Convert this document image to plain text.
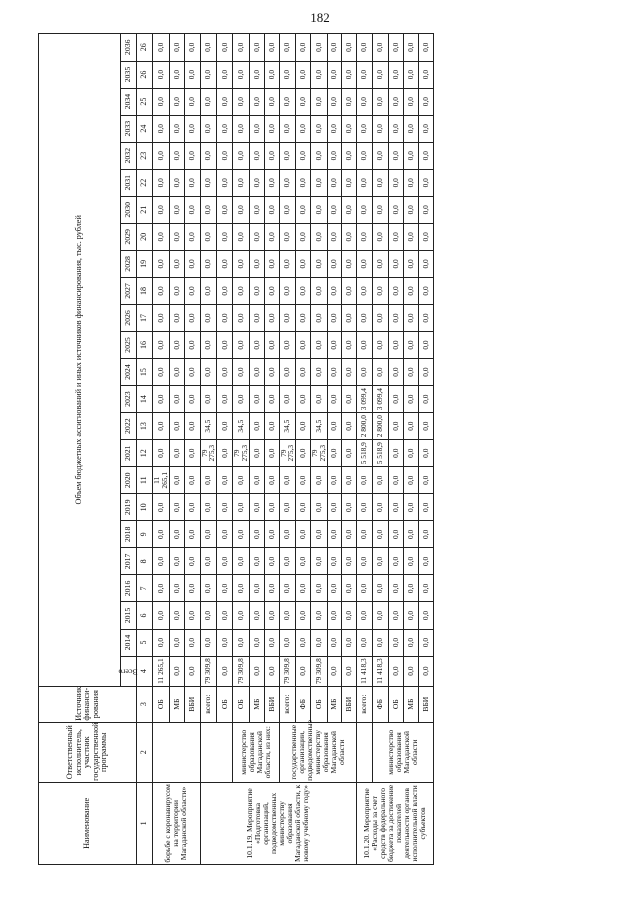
182
Наименование	Ответственный исполнитель, участник государственной программы	Источник финанси-рования	Объем бюджетных ассигнований и иных источников финансирования, тыс. рублей																							
			Всего	2014	2015	2016	2017	2018	2019	2020	2021	2022	2023	2024	2025	2026	2027	2028	2029	2030	2031	2032	2033	2034	2035	2036
1	2	3	4	5	6	7	8	9	10	11	12	13	14	15	16	17	18	19	20	21	22	23	24	25	26	26
борьбе с коронавирусом на территории Магаданской области»		ОБ	11 265,1	0,0	0,0	0,0	0,0	0,0	0,0	11 265,1	0,0	0,0	0,0	0,0	0,0	0,0	0,0	0,0	0,0	0,0	0,0	0,0	0,0	0,0	0,0	0,0
		МБ	0,0	0,0	0,0	0,0	0,0	0,0	0,0	0,0	0,0	0,0	0,0	0,0	0,0	0,0	0,0	0,0	0,0	0,0	0,0	0,0	0,0	0,0	0,0	0,0
		ВБИ	0,0	0,0	0,0	0,0	0,0	0,0	0,0	0,0	0,0	0,0	0,0	0,0	0,0	0,0	0,0	0,0	0,0	0,0	0,0	0,0	0,0	0,0	0,0	0,0
10.1.19. Мероприятие «Подготовка организаций, подведомственных министерству образования Магаданской области, к новому учебному году»		всего:	79 309,8	0,0	0,0	0,0	0,0	0,0	0,0	0,0	79 275,3	34,5	0,0	0,0	0,0	0,0	0,0	0,0	0,0	0,0	0,0	0,0	0,0	0,0	0,0	0,0
		ОБ	0,0	0,0	0,0	0,0	0,0	0,0	0,0	0,0	0,0	0,0	0,0	0,0	0,0	0,0	0,0	0,0	0,0	0,0	0,0	0,0	0,0	0,0	0,0	0,0
	министерство образования Магаданской области, из них:	ОБ	79 309,8	0,0	0,0	0,0	0,0	0,0	0,0	0,0	79 275,3	34,5	0,0	0,0	0,0	0,0	0,0	0,0	0,0	0,0	0,0	0,0	0,0	0,0	0,0	0,0
		МБ	0,0	0,0	0,0	0,0	0,0	0,0	0,0	0,0	0,0	0,0	0,0	0,0	0,0	0,0	0,0	0,0	0,0	0,0	0,0	0,0	0,0	0,0	0,0	0,0
		ВБИ	0,0	0,0	0,0	0,0	0,0	0,0	0,0	0,0	0,0	0,0	0,0	0,0	0,0	0,0	0,0	0,0	0,0	0,0	0,0	0,0	0,0	0,0	0,0	0,0
	государственные организации, подведомственные министерству образования Магаданской области	всего:	79 309,8	0,0	0,0	0,0	0,0	0,0	0,0	0,0	79 275,3	34,5	0,0	0,0	0,0	0,0	0,0	0,0	0,0	0,0	0,0	0,0	0,0	0,0	0,0	0,0
		ФБ	0,0	0,0	0,0	0,0	0,0	0,0	0,0	0,0	0,0	0,0	0,0	0,0	0,0	0,0	0,0	0,0	0,0	0,0	0,0	0,0	0,0	0,0	0,0	0,0
		ОБ	79 309,8	0,0	0,0	0,0	0,0	0,0	0,0	0,0	79 275,3	34,5	0,0	0,0	0,0	0,0	0,0	0,0	0,0	0,0	0,0	0,0	0,0	0,0	0,0	0,0
		МБ	0,0	0,0	0,0	0,0	0,0	0,0	0,0	0,0	0,0	0,0	0,0	0,0	0,0	0,0	0,0	0,0	0,0	0,0	0,0	0,0	0,0	0,0	0,0	0,0
		ВБИ	0,0	0,0	0,0	0,0	0,0	0,0	0,0	0,0	0,0	0,0	0,0	0,0	0,0	0,0	0,0	0,0	0,0	0,0	0,0	0,0	0,0	0,0	0,0	0,0
10.1.20. Мероприятие «Расходы за счет средств федерального бюджета за достижение показателей деятельности органов исполнительной власти субъектов		всего:	11 418,3	0,0	0,0	0,0	0,0	0,0	0,0	0,0	5 518,9	2 800,0	3 099,4	0,0	0,0	0,0	0,0	0,0	0,0	0,0	0,0	0,0	0,0	0,0	0,0	0,0
	министерство образования Магаданской области	ФБ	11 418,3	0,0	0,0	0,0	0,0	0,0	0,0	0,0	5 518,9	2 800,0	3 099,4	0,0	0,0	0,0	0,0	0,0	0,0	0,0	0,0	0,0	0,0	0,0	0,0	0,0
		ОБ	0,0	0,0	0,0	0,0	0,0	0,0	0,0	0,0	0,0	0,0	0,0	0,0	0,0	0,0	0,0	0,0	0,0	0,0	0,0	0,0	0,0	0,0	0,0	0,0
		МБ	0,0	0,0	0,0	0,0	0,0	0,0	0,0	0,0	0,0	0,0	0,0	0,0	0,0	0,0	0,0	0,0	0,0	0,0	0,0	0,0	0,0	0,0	0,0	0,0
		ВБИ	0,0	0,0	0,0	0,0	0,0	0,0	0,0	0,0	0,0	0,0	0,0	0,0	0,0	0,0	0,0	0,0	0,0	0,0	0,0	0,0	0,0	0,0	0,0	0,0
